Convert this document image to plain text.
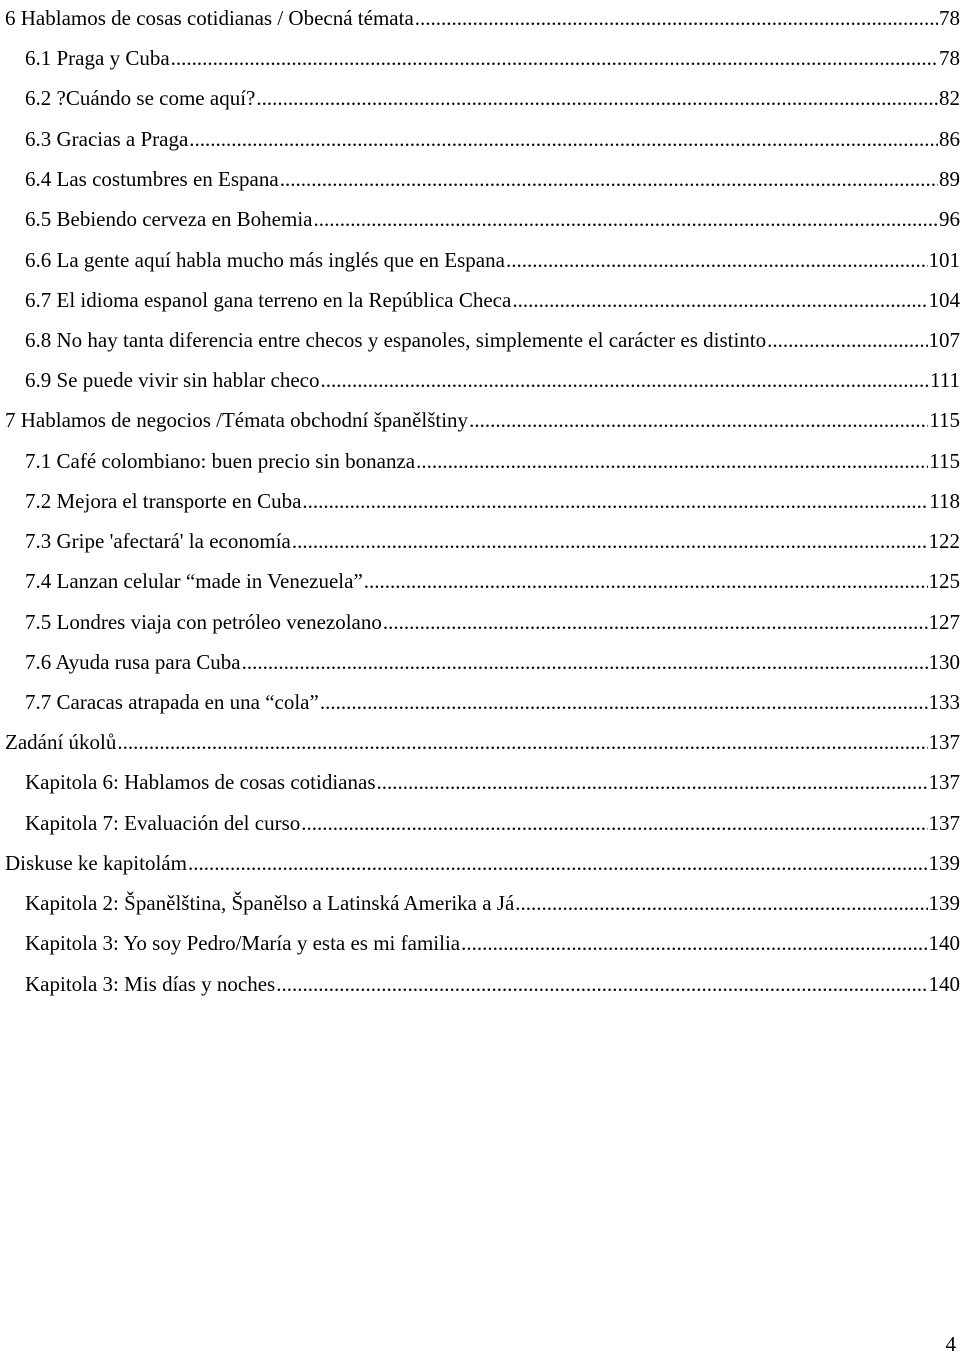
6 Hablamos de cosas cotidianas / Obecná témata .....	78
6.1 Praga y Cuba .....	78
6.2 ?Cuándo se come aquí? .....	82
6.3 Gracias a Praga .....	86
6.4 Las costumbres en Espana .....	89
6.5 Bebiendo cerveza en Bohemia .....	96
6.6 La gente aquí habla mucho más inglés que en Espana .....	101
6.7 El idioma espanol gana terreno en la República Checa .....	104
6.8 No hay tanta diferencia entre checos y espanoles, simplemente el carácter es distinto .....	107
6.9 Se puede vivir sin hablar checo .....	111
7 Hablamos de negocios /Témata obchodní španělštiny .....	115
7.1 Café colombiano: buen precio sin bonanza .....	115
7.2 Mejora el transporte en Cuba .....	118
7.3 Gripe 'afectará' la economía .....	122
7.4 Lanzan celular “made in Venezuela” .....	125
7.5 Londres viaja con petróleo venezolano .....	127
7.6 Ayuda rusa para Cuba .....	130
7.7 Caracas atrapada en una “cola” .....	133
Zadání úkolů .....	137
Kapitola 6: Hablamos de cosas cotidianas .....	137
Kapitola 7: Evaluación del curso .....	137
Diskuse ke kapitolám .....	139
Kapitola 2: Španělština, Španělso a Latinská Amerika a Já .....	139
Kapitola 3: Yo soy Pedro/María y esta es mi familia .....	140
Kapitola 3: Mis días y noches .....	140
4
